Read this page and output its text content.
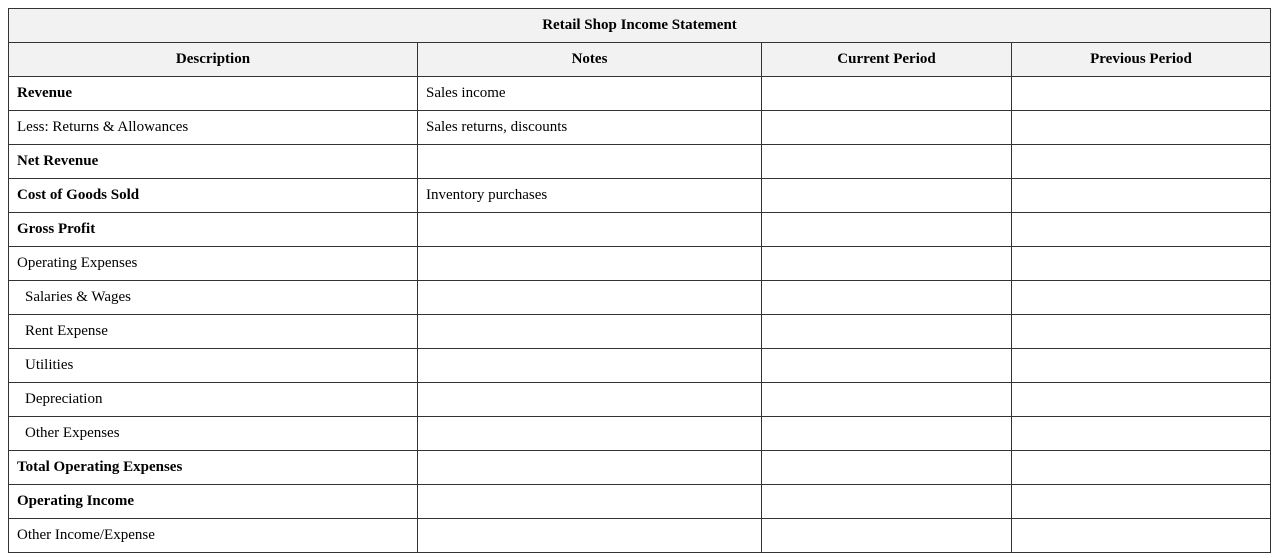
Retail Shop Income Statement			
Description	Notes	Current Period	Previous Period
Revenue	Sales income		
Less: Returns & Allowances	Sales returns, discounts		
Net Revenue			
Cost of Goods Sold	Inventory purchases		
Gross Profit			
Operating Expenses			
Salaries & Wages			
Rent Expense			
Utilities			
Depreciation			
Other Expenses			
Total Operating Expenses			
Operating Income			
Other Income/Expense			
